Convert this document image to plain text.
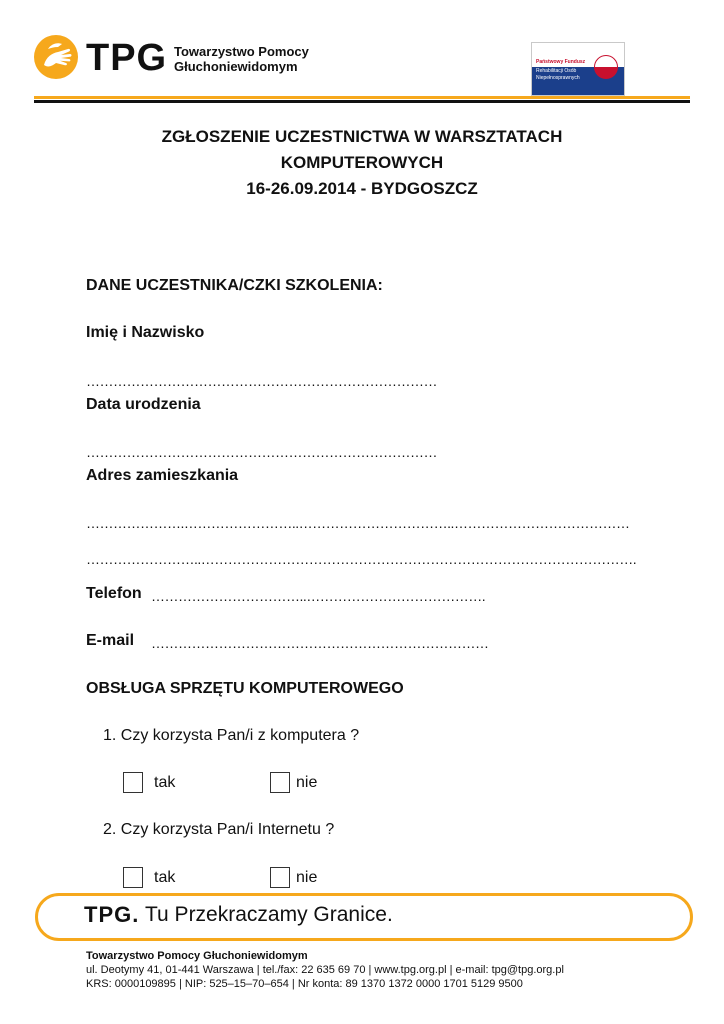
TPG Towarzystwo Pomocy
Głuchoniewidomym	Państwowy Fundusz
Rehabilitacji Osób Niepełnosprawnych
ZGŁOSZENIE UCZESTNICTWA W WARSZTATACH
KOMPUTEROWYCH
16-26.09.2014 - BYDGOSZCZ
DANE UCZESTNIKA/CZKI SZKOLENIA:
Imię i Nazwisko
……………………………………………………………………
Data urodzenia
……………………………………………………………………
Adres zamieszkania
………………….……………………..……………………………..…………………………………
……………………..…………………………………………………………………………………….
Telefon ……………………………..………………………………….
E-mail …………………………………………………………………
OBSŁUGA SPRZĘTU KOMPUTEROWEGO
1. Czy korzysta Pan/i z komputera ?
tak	nie
2. Czy korzysta Pan/i Internetu ?
tak	nie
TPG. Tu Przekraczamy Granice.
Towarzystwo Pomocy Głuchoniewidomym
ul. Deotymy 41, 01-441 Warszawa | tel./fax: 22 635 69 70 | www.tpg.org.pl | e-mail: tpg@tpg.org.pl
KRS: 0000109895 | NIP: 525–15–70–654 | Nr konta: 89 1370 1372 0000 1701 5129 9500
